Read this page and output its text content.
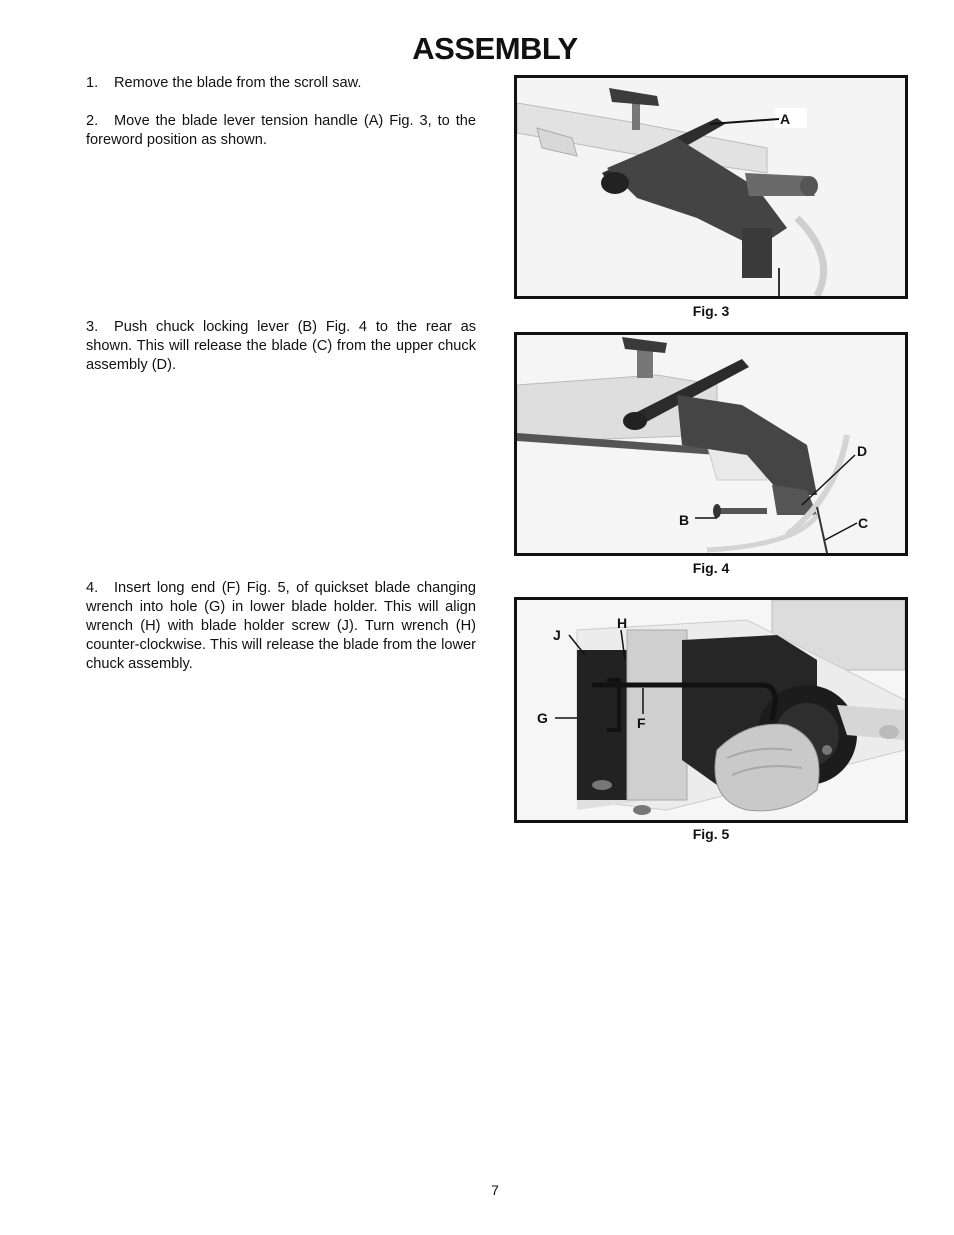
ASSEMBLY

1. Remove the blade from the scroll saw.

2. Move the blade lever tension handle (A) Fig. 3, to the foreword position as shown.

3. Push chuck locking lever (B) Fig. 4 to the rear as shown. This will release the blade (C) from the upper chuck assembly (D).

4. Insert long end (F) Fig. 5, of quickset blade changing wrench into hole (G) in lower blade holder. This will align wrench (H) with blade holder screw (J). Turn wrench (H) counter-clockwise. This will release the blade from the lower chuck assembly.

A
Fig. 3
D
B	C
Fig. 4
J
H
G	F
Fig. 5
7
